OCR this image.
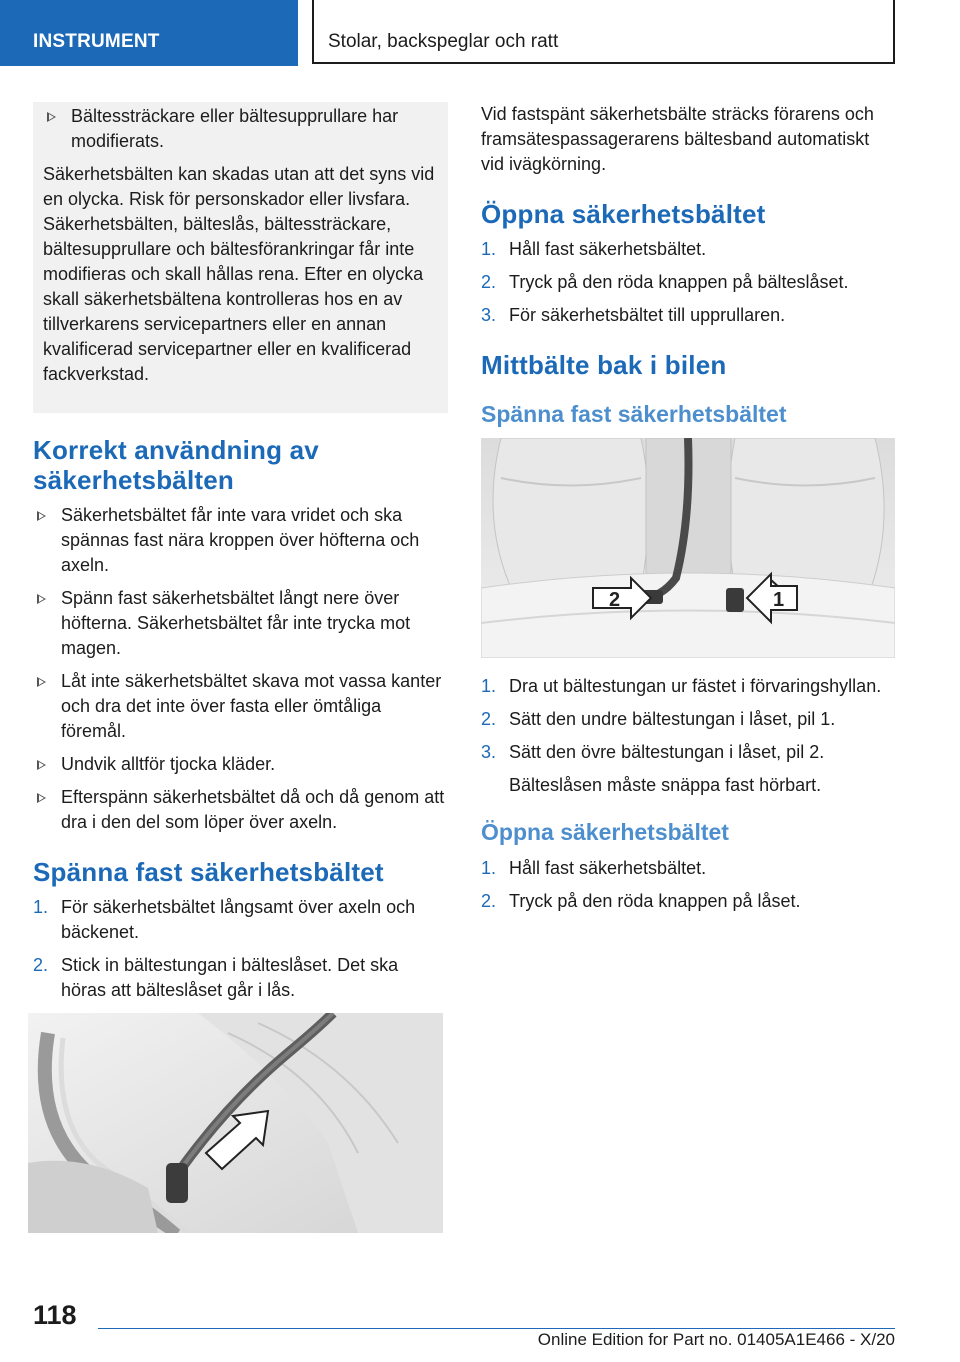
INSTRUMENT	Stolar, backspeglar och ratt
Bältessträckare eller bältesupprullare har modifierats.
Säkerhetsbälten kan skadas utan att det syns vid en olycka. Risk för personskador eller livsfara. Säkerhetsbälten, bälteslås, bältessträckare, bältesupprullare och bältesförankringar får inte modifieras och skall hållas rena. Efter en olycka skall säkerhetsbältena kontrolleras hos en av tillverkarens servicepartners eller en annan kvalificerad servicepartner eller en kvalificerad fackverkstad.
Korrekt användning av säkerhetsbälten
Säkerhetsbältet får inte vara vridet och ska spännas fast nära kroppen över höfterna och axeln.
Spänn fast säkerhetsbältet långt nere över höfterna. Säkerhetsbältet får inte trycka mot magen.
Låt inte säkerhetsbältet skava mot vassa kanter och dra det inte över fasta eller ömtåliga föremål.
Undvik alltför tjocka kläder.
Efterspänn säkerhetsbältet då och då genom att dra i den del som löper över axeln.
Spänna fast säkerhetsbältet
1. För säkerhetsbältet långsamt över axeln och bäckenet.
2. Stick in bältestungan i bälteslåset. Det ska höras att bälteslåset går i lås.
Vid fastspänt säkerhetsbälte sträcks förarens och framsätespassagerarens bältesband automatiskt vid ivägkörning.
Öppna säkerhetsbältet
1. Håll fast säkerhetsbältet.
2. Tryck på den röda knappen på bälteslåset.
3. För säkerhetsbältet till upprullaren.
Mittbälte bak i bilen
Spänna fast säkerhetsbältet
2	1
1. Dra ut bältestungan ur fästet i förvaringshyllan.
2. Sätt den undre bältestungan i låset, pil 1.
3. Sätt den övre bältestungan i låset, pil 2.
Bälteslåsen måste snäppa fast hörbart.
Öppna säkerhetsbältet
1. Håll fast säkerhetsbältet.
2. Tryck på den röda knappen på låset.
118
Online Edition for Part no. 01405A1E466 - X/20
